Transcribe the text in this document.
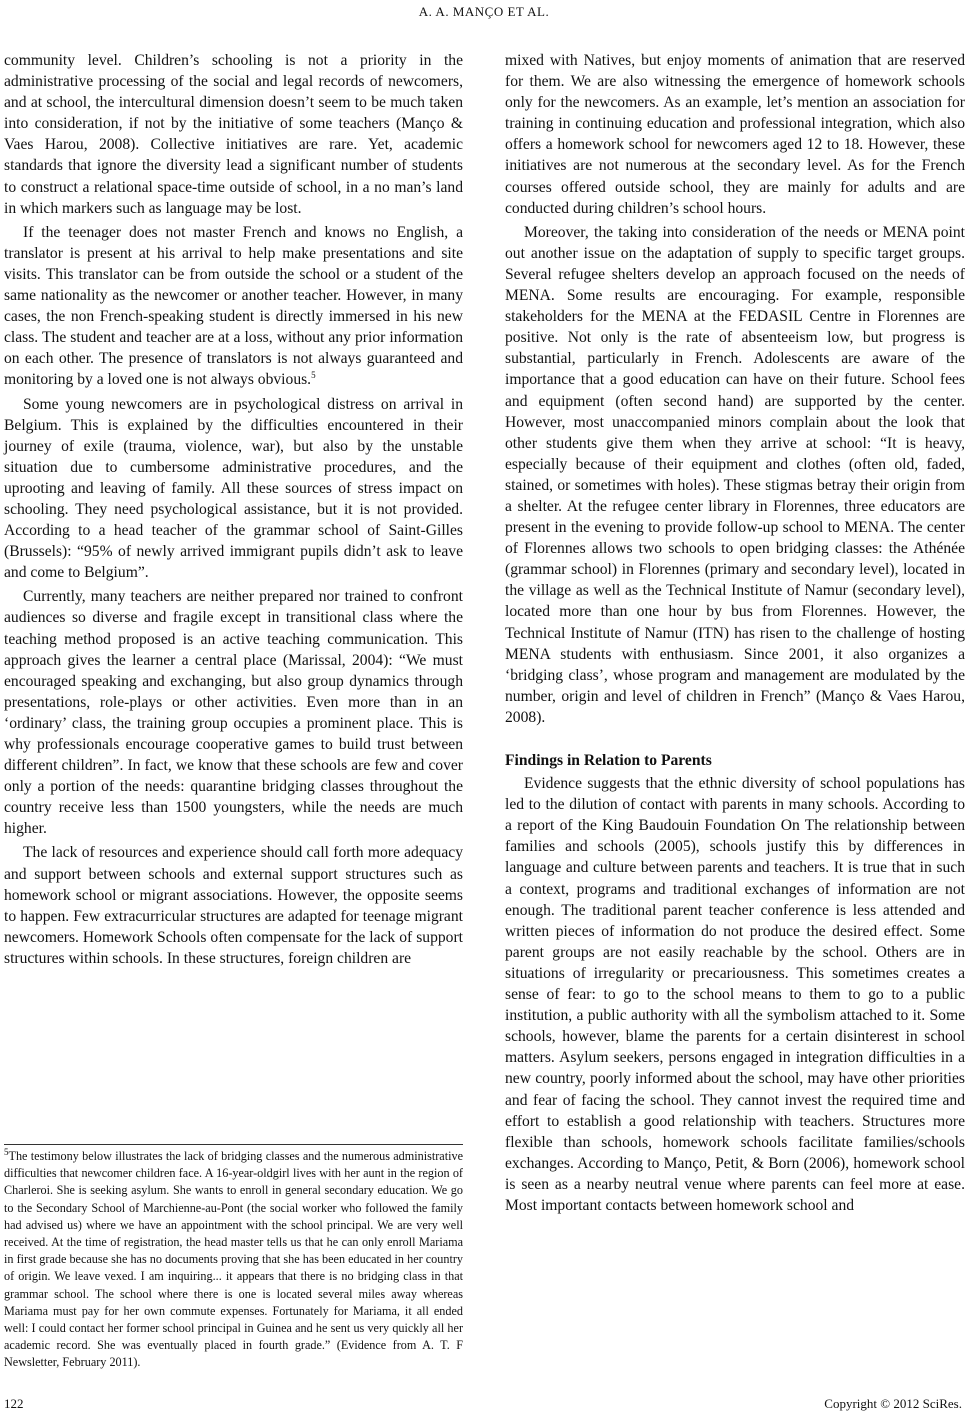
A. A. MANÇO ET AL.

community level. Children’s schooling is not a priority in the administrative processing of the social and legal records of newcomers, and at school, the intercultural dimension doesn’t seem to be much taken into consideration, if not by the initiative of some teachers (Manço & Vaes Harou, 2008). Collective initiatives are rare. Yet, academic standards that ignore the diversity lead a significant number of students to construct a relational space-time outside of school, in a no man’s land in which markers such as language may be lost.

If the teenager does not master French and knows no English, a translator is present at his arrival to help make presentations and site visits. This translator can be from outside the school or a student of the same nationality as the newcomer or another teacher. However, in many cases, the non French-speaking student is directly immersed in his new class. The student and teacher are at a loss, without any prior information on each other. The presence of translators is not always guaranteed and monitoring by a loved one is not always obvious.$^5$

Some young newcomers are in psychological distress on arrival in Belgium. This is explained by the difficulties encountered in their journey of exile (trauma, violence, war), but also by the unstable situation due to cumbersome administrative procedures, and the uprooting and leaving of family. All these sources of stress impact on schooling. They need psychological assistance, but it is not provided. According to a head teacher of the grammar school of Saint-Gilles (Brussels): “95% of newly arrived immigrant pupils didn’t ask to leave and come to Belgium”.

Currently, many teachers are neither prepared nor trained to confront audiences so diverse and fragile except in transitional class where the teaching method proposed is an active teaching communication. This approach gives the learner a central place (Marissal, 2004): “We must encouraged speaking and exchanging, but also group dynamics through presentations, role-plays or other activities. Even more than in an ‘ordinary’ class, the training group occupies a prominent place. This is why professionals encourage cooperative games to build trust between different children”. In fact, we know that these schools are few and cover only a portion of the needs: quarantine bridging classes throughout the country receive less than 1500 youngsters, while the needs are much higher.

The lack of resources and experience should call forth more adequacy and support between schools and external support structures such as homework school or migrant associations. However, the opposite seems to happen. Few extracurricular structures are adapted for teenage migrant newcomers. Homework Schools often compensate for the lack of support structures within schools. In these structures, foreign children are

mixed with Natives, but enjoy moments of animation that are reserved for them. We are also witnessing the emergence of homework schools only for the newcomers. As an example, let’s mention an association for training in continuing education and professional integration, which also offers a homework school for newcomers aged 12 to 18. However, these initiatives are not numerous at the secondary level. As for the French courses offered outside school, they are mainly for adults and are conducted during children’s school hours.

Moreover, the taking into consideration of the needs or MENA point out another issue on the adaptation of supply to specific target groups. Several refugee shelters develop an approach focused on the needs of MENA. Some results are encouraging. For example, responsible stakeholders for the MENA at the FEDASIL Centre in Florennes are positive. Not only is the rate of absenteeism low, but progress is substantial, particularly in French. Adolescents are aware of the importance that a good education can have on their future. School fees and equipment (often second hand) are supported by the center. However, most unaccompanied minors complain about the look that other students give them when they arrive at school: “It is heavy, especially because of their equipment and clothes (often old, faded, stained, or sometimes with holes). These stigmas betray their origin from a shelter. At the refugee center library in Florennes, three educators are present in the evening to provide follow-up school to MENA. The center of Florennes allows two schools to open bridging classes: the Athénée (grammar school) in Florennes (primary and secondary level), located in the village as well as the Technical Institute of Namur (secondary level), located more than one hour by bus from Florennes. However, the Technical Institute of Namur (ITN) has risen to the challenge of hosting MENA students with enthusiasm. Since 2001, it also organizes a ‘bridging class’, whose program and management are modulated by the number, origin and level of children in French” (Manço & Vaes Harou, 2008).

Findings in Relation to Parents

Evidence suggests that the ethnic diversity of school populations has led to the dilution of contact with parents in many schools. According to a report of the King Baudouin Foundation On The relationship between families and schools (2005), schools justify this by differences in language and culture between parents and teachers. It is true that in such a context, programs and traditional exchanges of information are not enough. The traditional parent teacher conference is less attended and written pieces of information do not produce the desired effect. Some parent groups are not easily reachable by the school. Others are in situations of irregularity or precariousness. This sometimes creates a sense of fear: to go to the school means to them to go to a public institution, a public authority with all the symbolism attached to it. Some schools, however, blame the parents for a certain disinterest in school matters. Asylum seekers, persons engaged in integration difficulties in a new country, poorly informed about the school, may have other priorities and fear of facing the school. They cannot invest the required time and effort to establish a good relationship with teachers. Structures more flexible than schools, homework schools facilitate families/schools exchanges. According to Manço, Petit, & Born (2006), homework school is seen as a nearby neutral venue where parents can feel more at ease. Most important contacts between homework school and

$^5$The testimony below illustrates the lack of bridging classes and the numerous administrative difficulties that newcomer children face. A 16-year-oldgirl lives with her aunt in the region of Charleroi. She is seeking asylum. She wants to enroll in general secondary education. We go to the Secondary School of Marchienne-au-Pont (the social worker who followed the family had advised us) where we have an appointment with the school principal. We are very well received. At the time of registration, the head master tells us that he can only enroll Mariama in first grade because she has no documents proving that she has been educated in her country of origin. We leave vexed. I am inquiring... it appears that there is no bridging class in that grammar school. The school where there is one is located several miles away whereas Mariama must pay for her own commute expenses. Fortunately for Mariama, it all ended well: I could contact her former school principal in Guinea and he sent us very quickly all her academic record. She was eventually placed in fourth grade.” (Evidence from A. T. F Newsletter, February 2011).
122	Copyright © 2012 SciRes.
